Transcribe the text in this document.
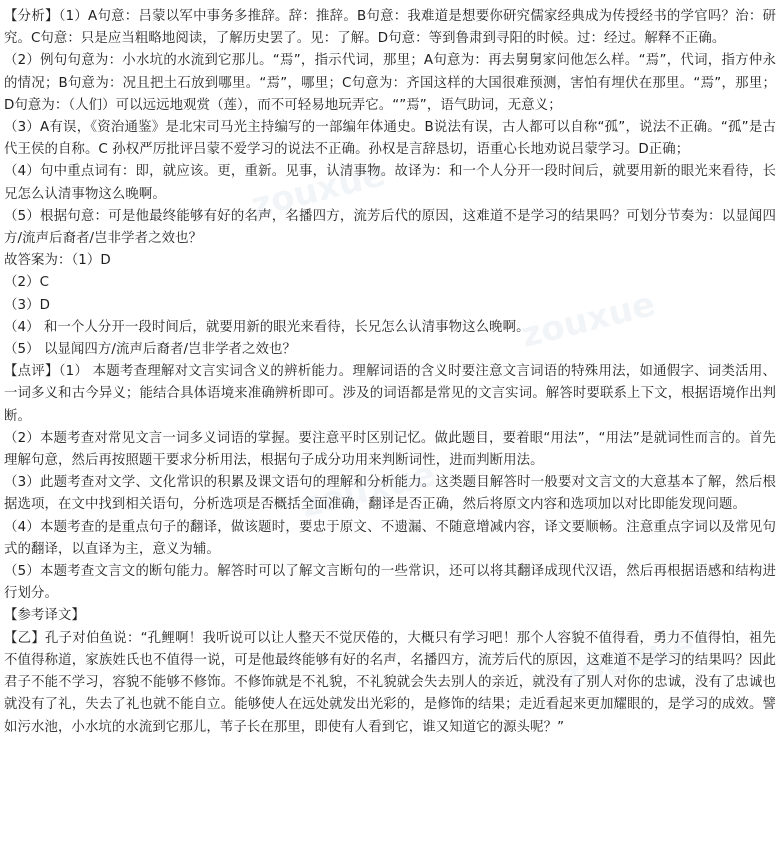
zouxue
zouxue
zouxue
zouxue

【分析】（1）A句意：吕蒙以军中事务多推辞。辞：推辞。B句意：我难道是想要你研究儒家经典成为传授经书的学官吗？治：研究。C句意：只是应当粗略地阅读，了解历史罢了。见：了解。D句意：等到鲁肃到寻阳的时候。过：经过。解释不正确。

（2）例句句意为：小水坑的水流到它那儿。“焉”，指示代词，那里；A句意为：再去舅舅家问他怎么样。“焉”，代词，指方仲永的情况；B句意为：况且把土石放到哪里。“焉”，哪里；C句意为：齐国这样的大国很难预测，害怕有埋伏在那里。“焉”，那里；D句意为：（人们）可以远远地观赏（莲），而不可轻易地玩弄它。“”焉”，语气助词，无意义；

（3）A有误，《资治通鉴》是北宋司马光主持编写的一部编年体通史。B说法有误，古人都可以自称“孤”，说法不正确。“孤”是古代王侯的自称。C 孙权严厉批评吕蒙不爱学习的说法不正确。孙权是言辞恳切，语重心长地劝说吕蒙学习。D正确；

（4）句中重点词有：即，就应该。更，重新。见事，认清事物。故译为：和一个人分开一段时间后，就要用新的眼光来看待，长兄怎么认清事物这么晚啊。

（5）根据句意：可是他最终能够有好的名声，名播四方，流芳后代的原因，这难道不是学习的结果吗？可划分节奏为：以显闻四方/流声后裔者/岂非学者之效也？

故答案为：（1）D

（2）C

（3）D

（4） 和一个人分开一段时间后，就要用新的眼光来看待，长兄怎么认清事物这么晚啊。

（5） 以显闻四方/流声后裔者/岂非学者之效也？

【点评】（1） 本题考查理解对文言实词含义的辨析能力。理解词语的含义时要注意文言词语的特殊用法，如通假字、词类活用、一词多义和古今异义；能结合具体语境来准确辨析即可。涉及的词语都是常见的文言实词。解答时要联系上下文，根据语境作出判断。

（2）本题考查对常见文言一词多义词语的掌握。要注意平时区别记忆。做此题目，要着眼“用法”，“用法”是就词性而言的。首先理解句意，然后再按照题干要求分析用法，根据句子成分功用来判断词性，进而判断用法。

（3）此题考查对文学、文化常识的积累及课文语句的理解和分析能力。这类题目解答时一般要对文言文的大意基本了解，然后根据选项，在文中找到相关语句，分析选项是否概括全面准确，翻译是否正确，然后将原文内容和选项加以对比即能发现问题。

（4）本题考查的是重点句子的翻译，做该题时，要忠于原文、不遗漏、不随意增减内容，译文要顺畅。注意重点字词以及常见句式的翻译，以直译为主，意义为辅。

（5）本题考查文言文的断句能力。解答时可以了解文言断句的一些常识，还可以将其翻译成现代汉语，然后再根据语感和结构进行划分。

【参考译文】

【乙】孔子对伯鱼说：“孔鲤啊！我听说可以让人整天不觉厌倦的，大概只有学习吧！那个人容貌不值得看，勇力不值得怕，祖先不值得称道，家族姓氏也不值得一说，可是他最终能够有好的名声，名播四方，流芳后代的原因，这难道不是学习的结果吗？因此君子不能不学习，容貌不能够不修饰。不修饰就是不礼貌，不礼貌就会失去别人的亲近，就没有了别人对你的忠诚，没有了忠诚也就没有了礼，失去了礼也就不能自立。能够使人在远处就发出光彩的，是修饰的结果；走近看起来更加耀眼的，是学习的成效。譬如污水池，小水坑的水流到它那儿，苇子长在那里，即使有人看到它，谁又知道它的源头呢？”
